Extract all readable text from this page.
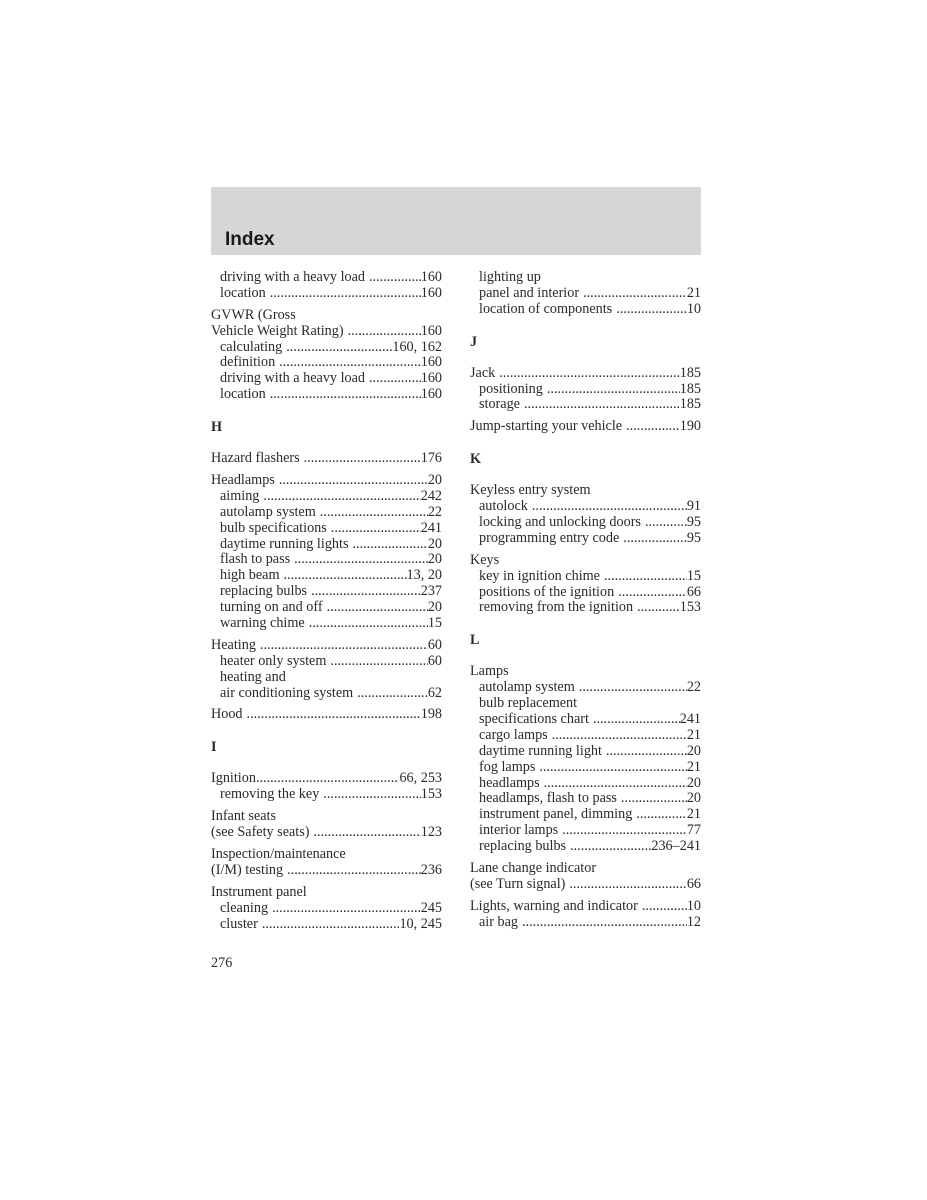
Index
driving with a heavy load .....	160
location .....	160
GVWR (Gross
Vehicle Weight Rating) .....	160
calculating .....	160, 162
definition .....	160
driving with a heavy load .....	160
location .....	160
H
Hazard flashers .....	176
Headlamps .....	20
aiming .....	242
autolamp system .....	22
bulb specifications .....	241
daytime running lights .....	20
flash to pass .....	20
high beam .....	13, 20
replacing bulbs .....	237
turning on and off .....	20
warning chime .....	15
Heating .....	60
heater only system .....	60
heating and
air conditioning system .....	62
Hood .....	198
I
Ignition .....	66, 253
removing the key .....	153
Infant seats
(see Safety seats) .....	123
Inspection/maintenance
(I/M) testing .....	236
Instrument panel
cleaning .....	245
cluster .....	10, 245
lighting up
panel and interior .....	21
location of components .....	10
J
Jack .....	185
positioning .....	185
storage .....	185
Jump-starting your vehicle .....	190
K
Keyless entry system
autolock .....	91
locking and unlocking doors .....	95
programming entry code .....	95
Keys
key in ignition chime .....	15
positions of the ignition .....	66
removing from the ignition .....	153
L
Lamps
autolamp system .....	22
bulb replacement
specifications chart .....	241
cargo lamps .....	21
daytime running light .....	20
fog lamps .....	21
headlamps .....	20
headlamps, flash to pass .....	20
instrument panel, dimming .....	21
interior lamps .....	77
replacing bulbs .....	236–241
Lane change indicator
(see Turn signal) .....	66
Lights, warning and indicator .....	10
air bag .....	12
276
